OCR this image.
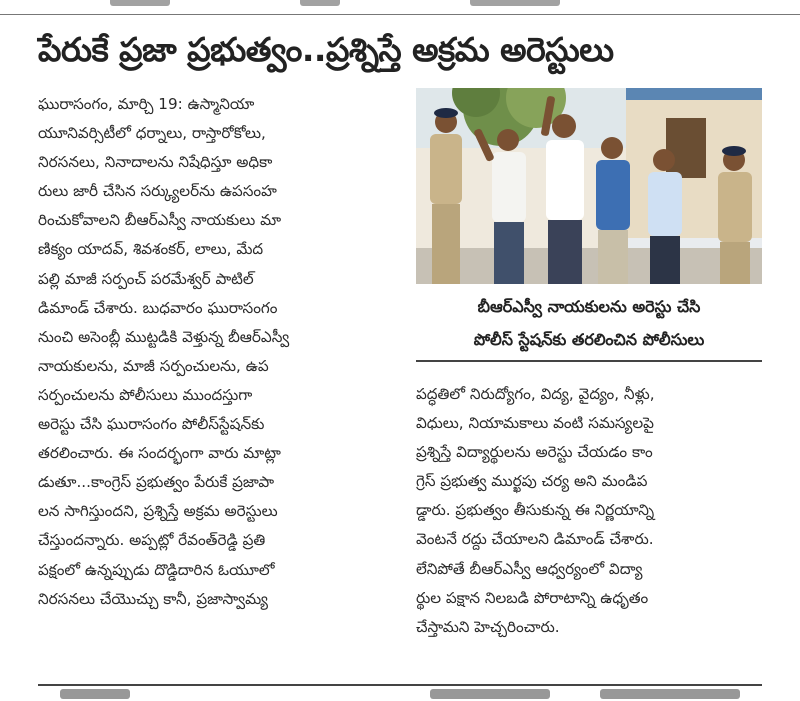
పేరుకే ప్రజా ప్రభుత్వం..ప్రశ్నిస్తే అక్రమ అరెస్టులు
ఘురాసంగం, మార్చి 19: ఉస్మానియా
యూనివర్సిటీలో ధర్నాలు, రాస్తారోకోలు,
నిరసనలు, నినాదాలను నిషేధిస్తూ అధికా
రులు జారీ చేసిన సర్క్యులర్‌ను ఉపసంహ
రించుకోవాలని బీఆర్ఎస్వీ నాయకులు మా
ణిక్యం యాదవ్, శివశంకర్, లాలు, మేద
పల్లి మాజీ సర్పంచ్ పరమేశ్వర్ పాటిల్
డిమాండ్ చేశారు. బుధవారం ఘురాసంగం
నుంచి అసెంబ్లీ ముట్టడికి వెళ్తున్న బీఆర్ఎస్వీ
నాయకులను, మాజీ సర్పంచులను, ఉప
సర్పంచులను పోలీసులు ముందస్తుగా
అరెస్టు చేసి ఘురాసంగం పోలీస్‌స్టేషన్‌కు
తరలించారు. ఈ సందర్భంగా వారు మాట్లా
డుతూ...కాంగ్రెస్ ప్రభుత్వం పేరుకే ప్రజాపా
లన సాగిస్తుందని, ప్రశ్నిస్తే అక్రమ అరెస్టులు
చేస్తుందన్నారు. అప్పట్లో రేవంత్‌రెడ్డి ప్రతి
పక్షంలో ఉన్నప్పుడు దొడ్డిదారిన ఓయూలో
నిరసనలు చేయొచ్చు కానీ, ప్రజాస్వామ్య
బీఆర్ఎస్వీ నాయకులను అరెస్టు చేసి
పోలీస్ స్టేషన్‌కు తరలించిన పోలీసులు
పద్ధతిలో నిరుద్యోగం, విద్య, వైద్యం, నీళ్లు,
విధులు, నియామకాలు వంటి సమస్యలపై
ప్రశ్నిస్తే విద్యార్థులను అరెస్టు చేయడం కాం
గ్రెస్ ప్రభుత్వ ముర్ఖపు చర్య అని మండిప
డ్డారు. ప్రభుత్వం తీసుకున్న ఈ నిర్ణయాన్ని
వెంటనే రద్దు చేయాలని డిమాండ్ చేశారు.
లేనిపోతే బీఆర్ఎస్వీ ఆధ్వర్యంలో విద్యా
ర్థుల పక్షాన నిలబడి పోరాటాన్ని ఉధృతం
చేస్తామని హెచ్చరించారు.
